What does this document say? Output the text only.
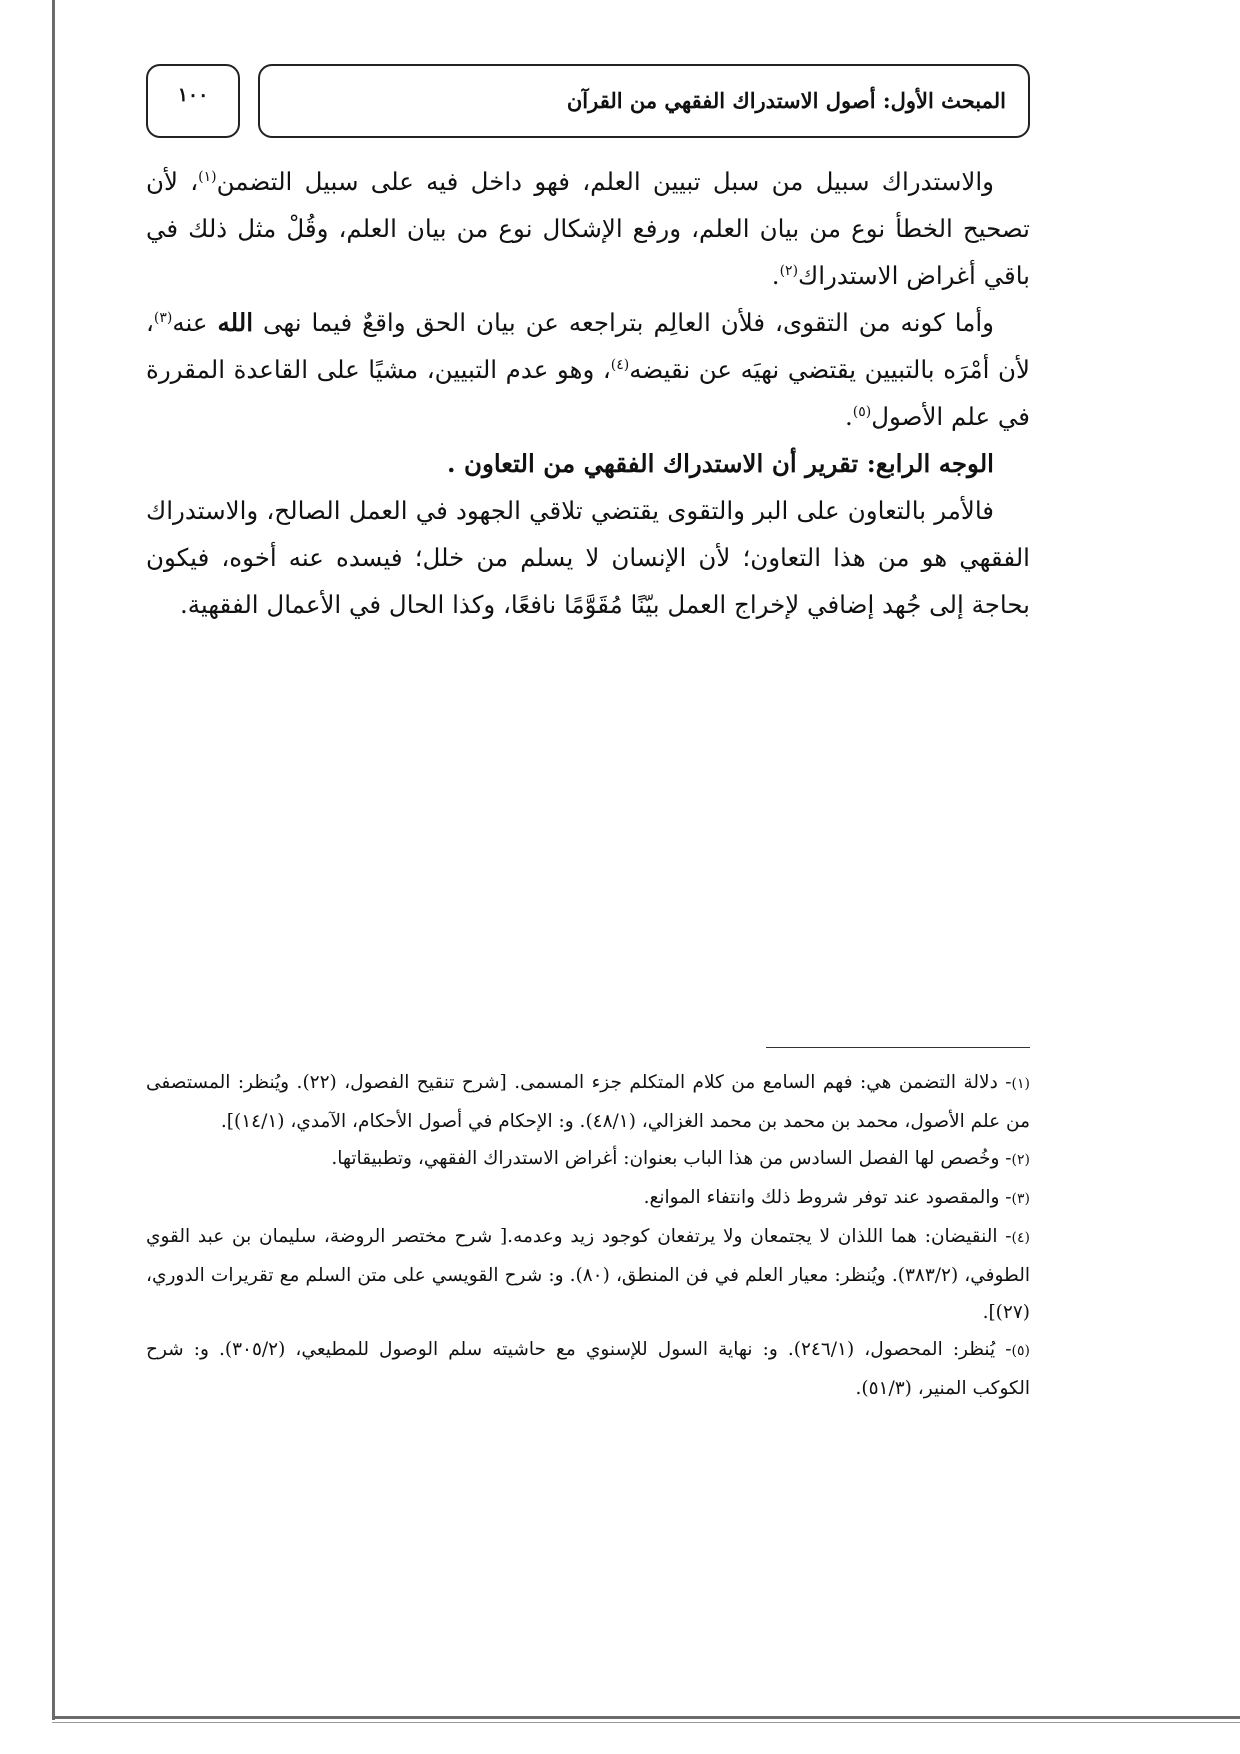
١٠٠	المبحث الأول: أصول الاستدراك الفقهي من القرآن

والاستدراك سبيل من سبل تبيين العلم، فهو داخل فيه على سبيل التضمن$^{(١)}$، لأن تصحيح الخطأ نوع من بيان العلم، ورفع الإشكال نوع من بيان العلم، وقُلْ مثل ذلك في باقي أغراض الاستدراك$^{(٢)}$.

وأما كونه من التقوى، فلأن العالِم بتراجعه عن بيان الحق واقعٌ فيما نهى الله عنه$^{(٣)}$، لأن أمْرَه بالتبيين يقتضي نهيَه عن نقيضه$^{(٤)}$، وهو عدم التبيين، مشيًا على القاعدة المقررة في علم الأصول$^{(٥)}$.

الوجه الرابع: تقرير أن الاستدراك الفقهي من التعاون .

فالأمر بالتعاون على البر والتقوى يقتضي تلاقي الجهود في العمل الصالح، والاستدراك الفقهي هو من هذا التعاون؛ لأن الإنسان لا يسلم من خلل؛ فيسده عنه أخوه، فيكون بحاجة إلى جُهد إضافي لإخراج العمل بيّنًا مُقَوَّمًا نافعًا، وكذا الحال في الأعمال الفقهية.

(١)- دلالة التضمن هي: فهم السامع من كلام المتكلم جزء المسمى. [شرح تنقيح الفصول، (٢٢). ويُنظر: المستصفى من علم الأصول، محمد بن محمد بن محمد الغزالي، (٤٨/١). و: الإحكام في أصول الأحكام، الآمدي، (١٤/١)].

(٢)- وخُصص لها الفصل السادس من هذا الباب بعنوان: أغراض الاستدراك الفقهي، وتطبيقاتها.

(٣)- والمقصود عند توفر شروط ذلك وانتفاء الموانع.

(٤)- النقيضان: هما اللذان لا يجتمعان ولا يرتفعان كوجود زيد وعدمه.[ شرح مختصر الروضة، سليمان بن عبد القوي الطوفي، (٣٨٣/٢). ويُنظر: معيار العلم في فن المنطق، (٨٠). و: شرح القويسي على متن السلم مع تقريرات الدوري، (٢٧)].

(٥)- يُنظر: المحصول، (٢٤٦/١). و: نهاية السول للإسنوي مع حاشيته سلم الوصول للمطيعي، (٣٠٥/٢). و: شرح الكوكب المنير، (٥١/٣).
